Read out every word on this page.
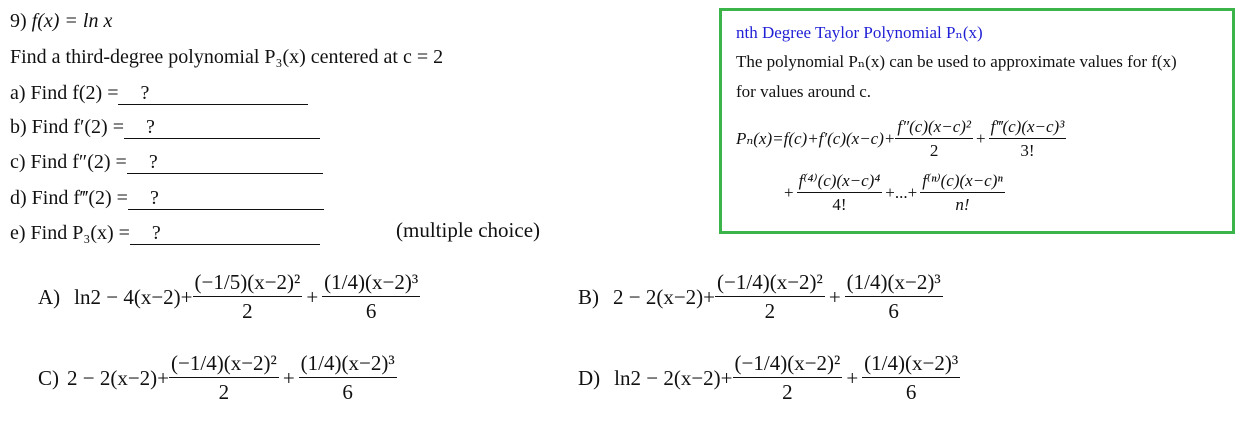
9) f(x) = ln x
Find a third-degree polynomial P₃(x) centered at c = 2
a) Find f(2) = ?
b) Find f′(2) = ?
c) Find f″(2) = ?
d) Find f‴(2) = ?
e) Find P₃(x) = ?	(multiple choice)
nth Degree Taylor Polynomial Pₙ(x)
The polynomial Pₙ(x) can be used to approximate values for f(x)
for values around c.
$P_n(x)=f(c)+f'(c)(x-c)+ \frac{\text{f″(c)(x−c)²}}{2} + \frac{\text{f‴(c)(x−c)³}}{3!}$
+ $\frac{\text{f⁽⁴⁾(c)(x−c)⁴}}{4!}$ +...+ $\frac{\text{f⁽ⁿ⁾(c)(x−c)ⁿ}}{n!}$
A) $\ln 2 - 4(x-2)+ \frac{\text{(−1/5)(x−2)²}}{2} + \frac{\text{(1/4)(x−2)³}}{6}$	B) $2 - 2(x-2)+ \frac{\text{(−1/4)(x−2)²}}{2} + \frac{\text{(1/4)(x−2)³}}{6}$
C) $2 - 2(x-2)+ \frac{\text{(−1/4)(x−2)²}}{2} + \frac{\text{(1/4)(x−2)³}}{6}$	D) $\ln 2 - 2(x-2)+ \frac{\text{(−1/4)(x−2)²}}{2} + \frac{\text{(1/4)(x−2)³}}{6}$
